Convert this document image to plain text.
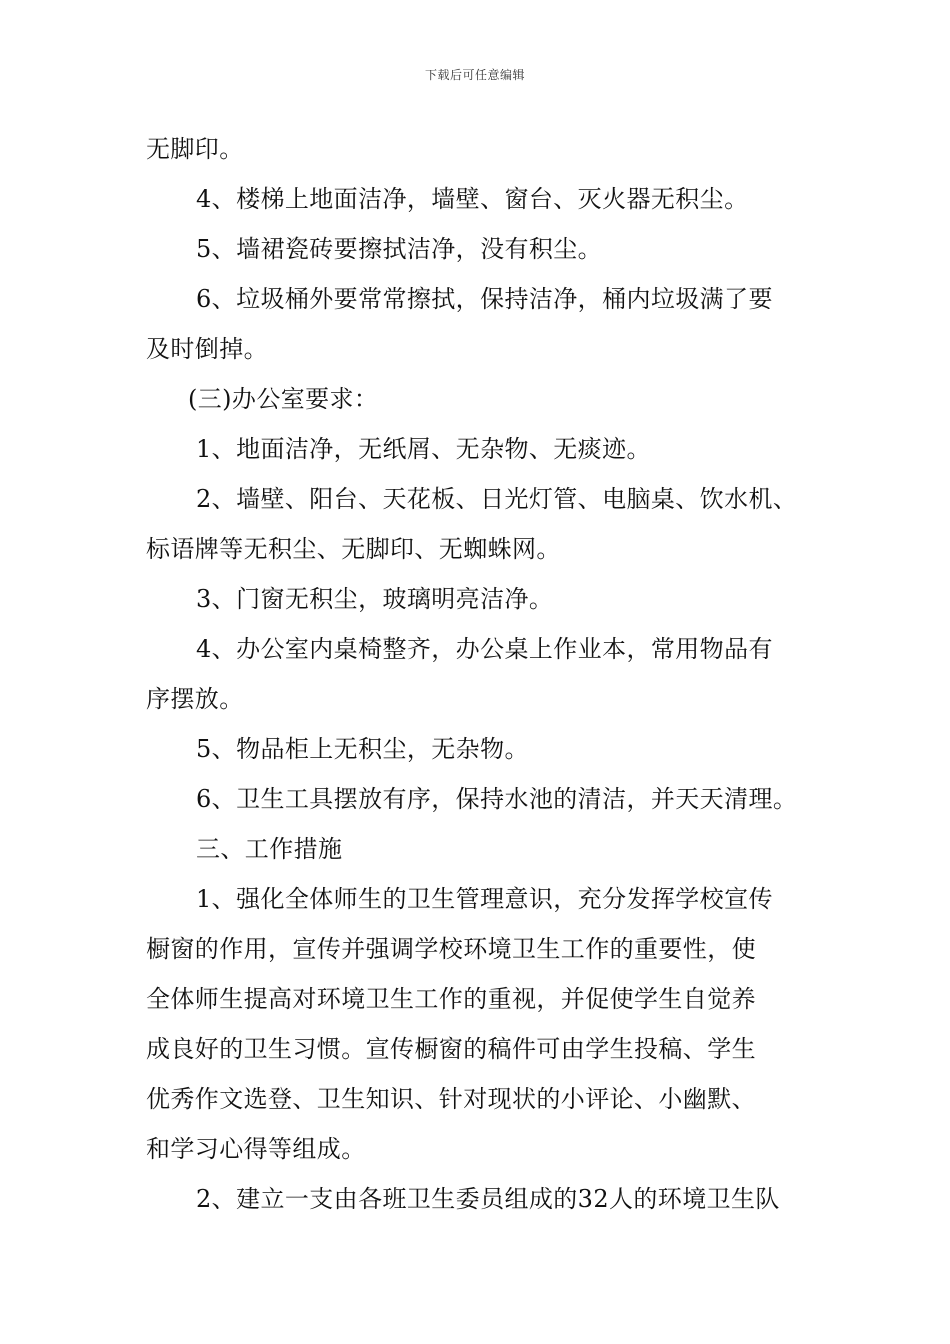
下载后可任意编辑
无脚印。
4、楼梯上地面洁净，墙壁、窗台、灭火器无积尘。
5、墙裙瓷砖要擦拭洁净，没有积尘。
6、垃圾桶外要常常擦拭，保持洁净，桶内垃圾满了要
及时倒掉。
(三)办公室要求：
1、地面洁净，无纸屑、无杂物、无痰迹。
2、墙壁、阳台、天花板、日光灯管、电脑桌、饮水机、
标语牌等无积尘、无脚印、无蜘蛛网。
3、门窗无积尘，玻璃明亮洁净。
4、办公室内桌椅整齐，办公桌上作业本，常用物品有
序摆放。
5、物品柜上无积尘，无杂物。
6、卫生工具摆放有序，保持水池的清洁，并天天清理。
三、工作措施
1、强化全体师生的卫生管理意识，充分发挥学校宣传
橱窗的作用，宣传并强调学校环境卫生工作的重要性，使
全体师生提高对环境卫生工作的重视，并促使学生自觉养
成良好的卫生习惯。宣传橱窗的稿件可由学生投稿、学生
优秀作文选登、卫生知识、针对现状的小评论、小幽默、
和学习心得等组成。
2、建立一支由各班卫生委员组成的32人的环境卫生队
